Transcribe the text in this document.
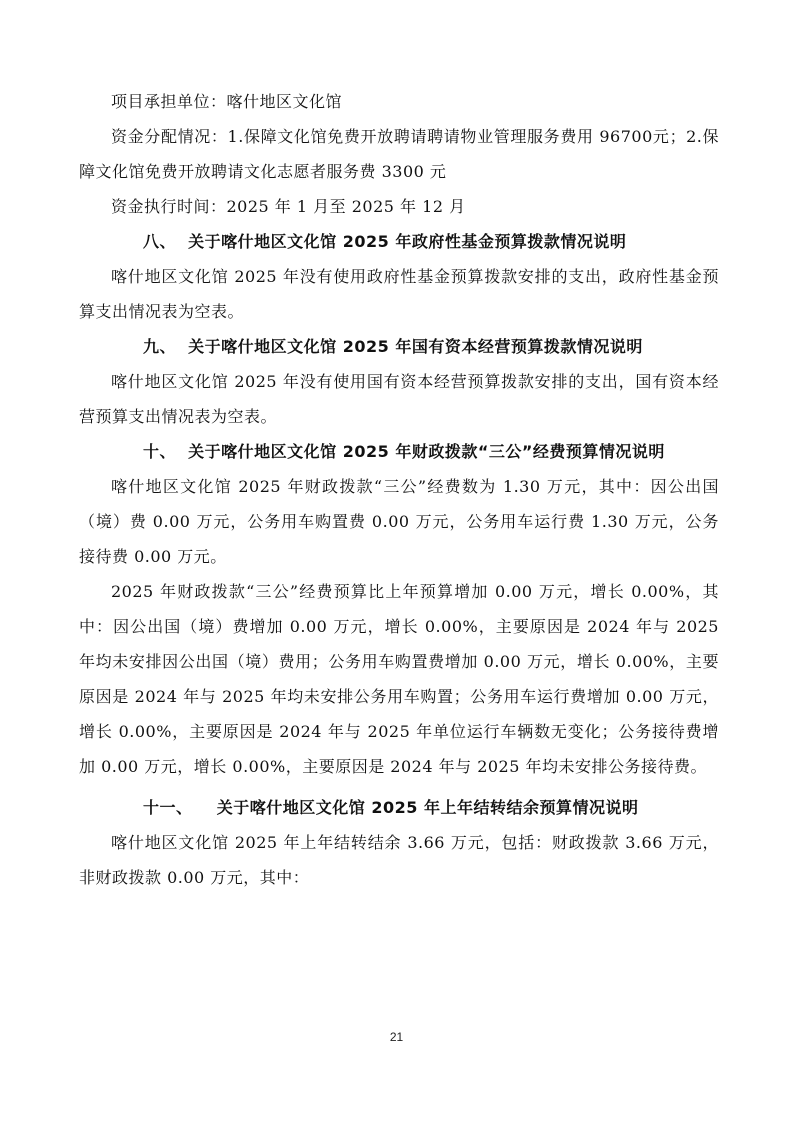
项目承担单位：喀什地区文化馆

资金分配情况：1.保障文化馆免费开放聘请聘请物业管理服务费用 96700元；2.保障文化馆免费开放聘请文化志愿者服务费 3300 元

资金执行时间：2025 年 1 月至 2025 年 12 月

八、 关于喀什地区文化馆 2025 年政府性基金预算拨款情况说明

喀什地区文化馆 2025 年没有使用政府性基金预算拨款安排的支出，政府性基金预算支出情况表为空表。

九、 关于喀什地区文化馆 2025 年国有资本经营预算拨款情况说明

喀什地区文化馆 2025 年没有使用国有资本经营预算拨款安排的支出，国有资本经营预算支出情况表为空表。

十、 关于喀什地区文化馆 2025 年财政拨款“三公”经费预算情况说明

喀什地区文化馆 2025 年财政拨款“三公”经费数为 1.30 万元，其中：因公出国（境）费 0.00 万元，公务用车购置费 0.00 万元，公务用车运行费 1.30 万元，公务接待费 0.00 万元。

2025 年财政拨款“三公”经费预算比上年预算增加 0.00 万元，增长 0.00%，其中：因公出国（境）费增加 0.00 万元，增长 0.00%，主要原因是 2024 年与 2025 年均未安排因公出国（境）费用；公务用车购置费增加 0.00 万元，增长 0.00%，主要原因是 2024 年与 2025 年均未安排公务用车购置；公务用车运行费增加 0.00 万元，增长 0.00%，主要原因是 2024 年与 2025 年单位运行车辆数无变化；公务接待费增加 0.00 万元，增长 0.00%，主要原因是 2024 年与 2025 年均未安排公务接待费。

十一、 关于喀什地区文化馆 2025 年上年结转结余预算情况说明

喀什地区文化馆 2025 年上年结转结余 3.66 万元，包括：财政拨款 3.66 万元，非财政拨款 0.00 万元，其中：

21
